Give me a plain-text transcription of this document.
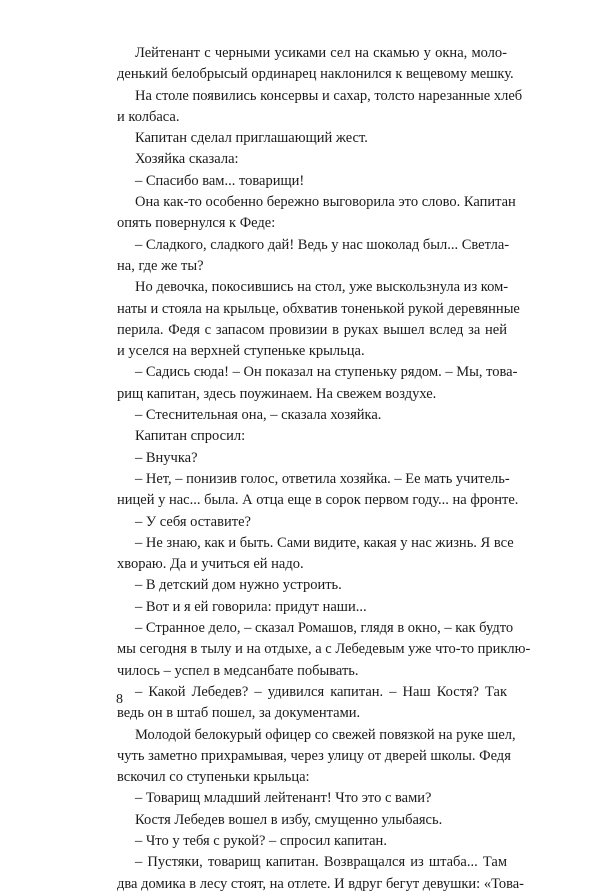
Лейтенант с черными усиками сел на скамью у окна, моло-
денький белобрысый ординарец наклонился к вещевому мешку.
На столе появились консервы и сахар, толсто нарезанные хлеб
и колбаса.
Капитан сделал приглашающий жест.
Хозяйка сказала:
– Спасибо вам... товарищи!
Она как-то особенно бережно выговорила это слово. Капитан
опять повернулся к Феде:
– Сладкого, сладкого дай! Ведь у нас шоколад был... Светла-
на, где же ты?
Но девочка, покосившись на стол, уже выскользнула из ком-
наты и стояла на крыльце, обхватив тоненькой рукой деревянные
перила. Федя с запасом провизии в руках вышел вслед за ней
и уселся на верхней ступеньке крыльца.
– Садись сюда! – Он показал на ступеньку рядом. – Мы, това-
рищ капитан, здесь поужинаем. На свежем воздухе.
– Стеснительная она, – сказала хозяйка.
Капитан спросил:
– Внучка?
– Нет, – понизив голос, ответила хозяйка. – Ее мать учитель-
ницей у нас... была. А отца еще в сорок первом году... на фронте.
– У себя оставите?
– Не знаю, как и быть. Сами видите, какая у нас жизнь. Я все
хвораю. Да и учиться ей надо.
– В детский дом нужно устроить.
– Вот и я ей говорила: придут наши...
– Странное дело, – сказал Ромашов, глядя в окно, – как будто
мы сегодня в тылу и на отдыхе, а с Лебедевым уже что-то приклю-
чилось – успел в медсанбате побывать.
– Какой Лебедев? – удивился капитан. – Наш Костя? Так
ведь он в штаб пошел, за документами.
Молодой белокурый офицер со свежей повязкой на руке шел,
чуть заметно прихрамывая, через улицу от дверей школы. Федя
вскочил со ступеньки крыльца:
– Товарищ младший лейтенант! Что это с вами?
Костя Лебедев вошел в избу, смущенно улыбаясь.
– Что у тебя с рукой? – спросил капитан.
– Пустяки, товарищ капитан. Возвращался из штаба... Там
два домика в лесу стоят, на отлете. И вдруг бегут девушки: «Това-
8
